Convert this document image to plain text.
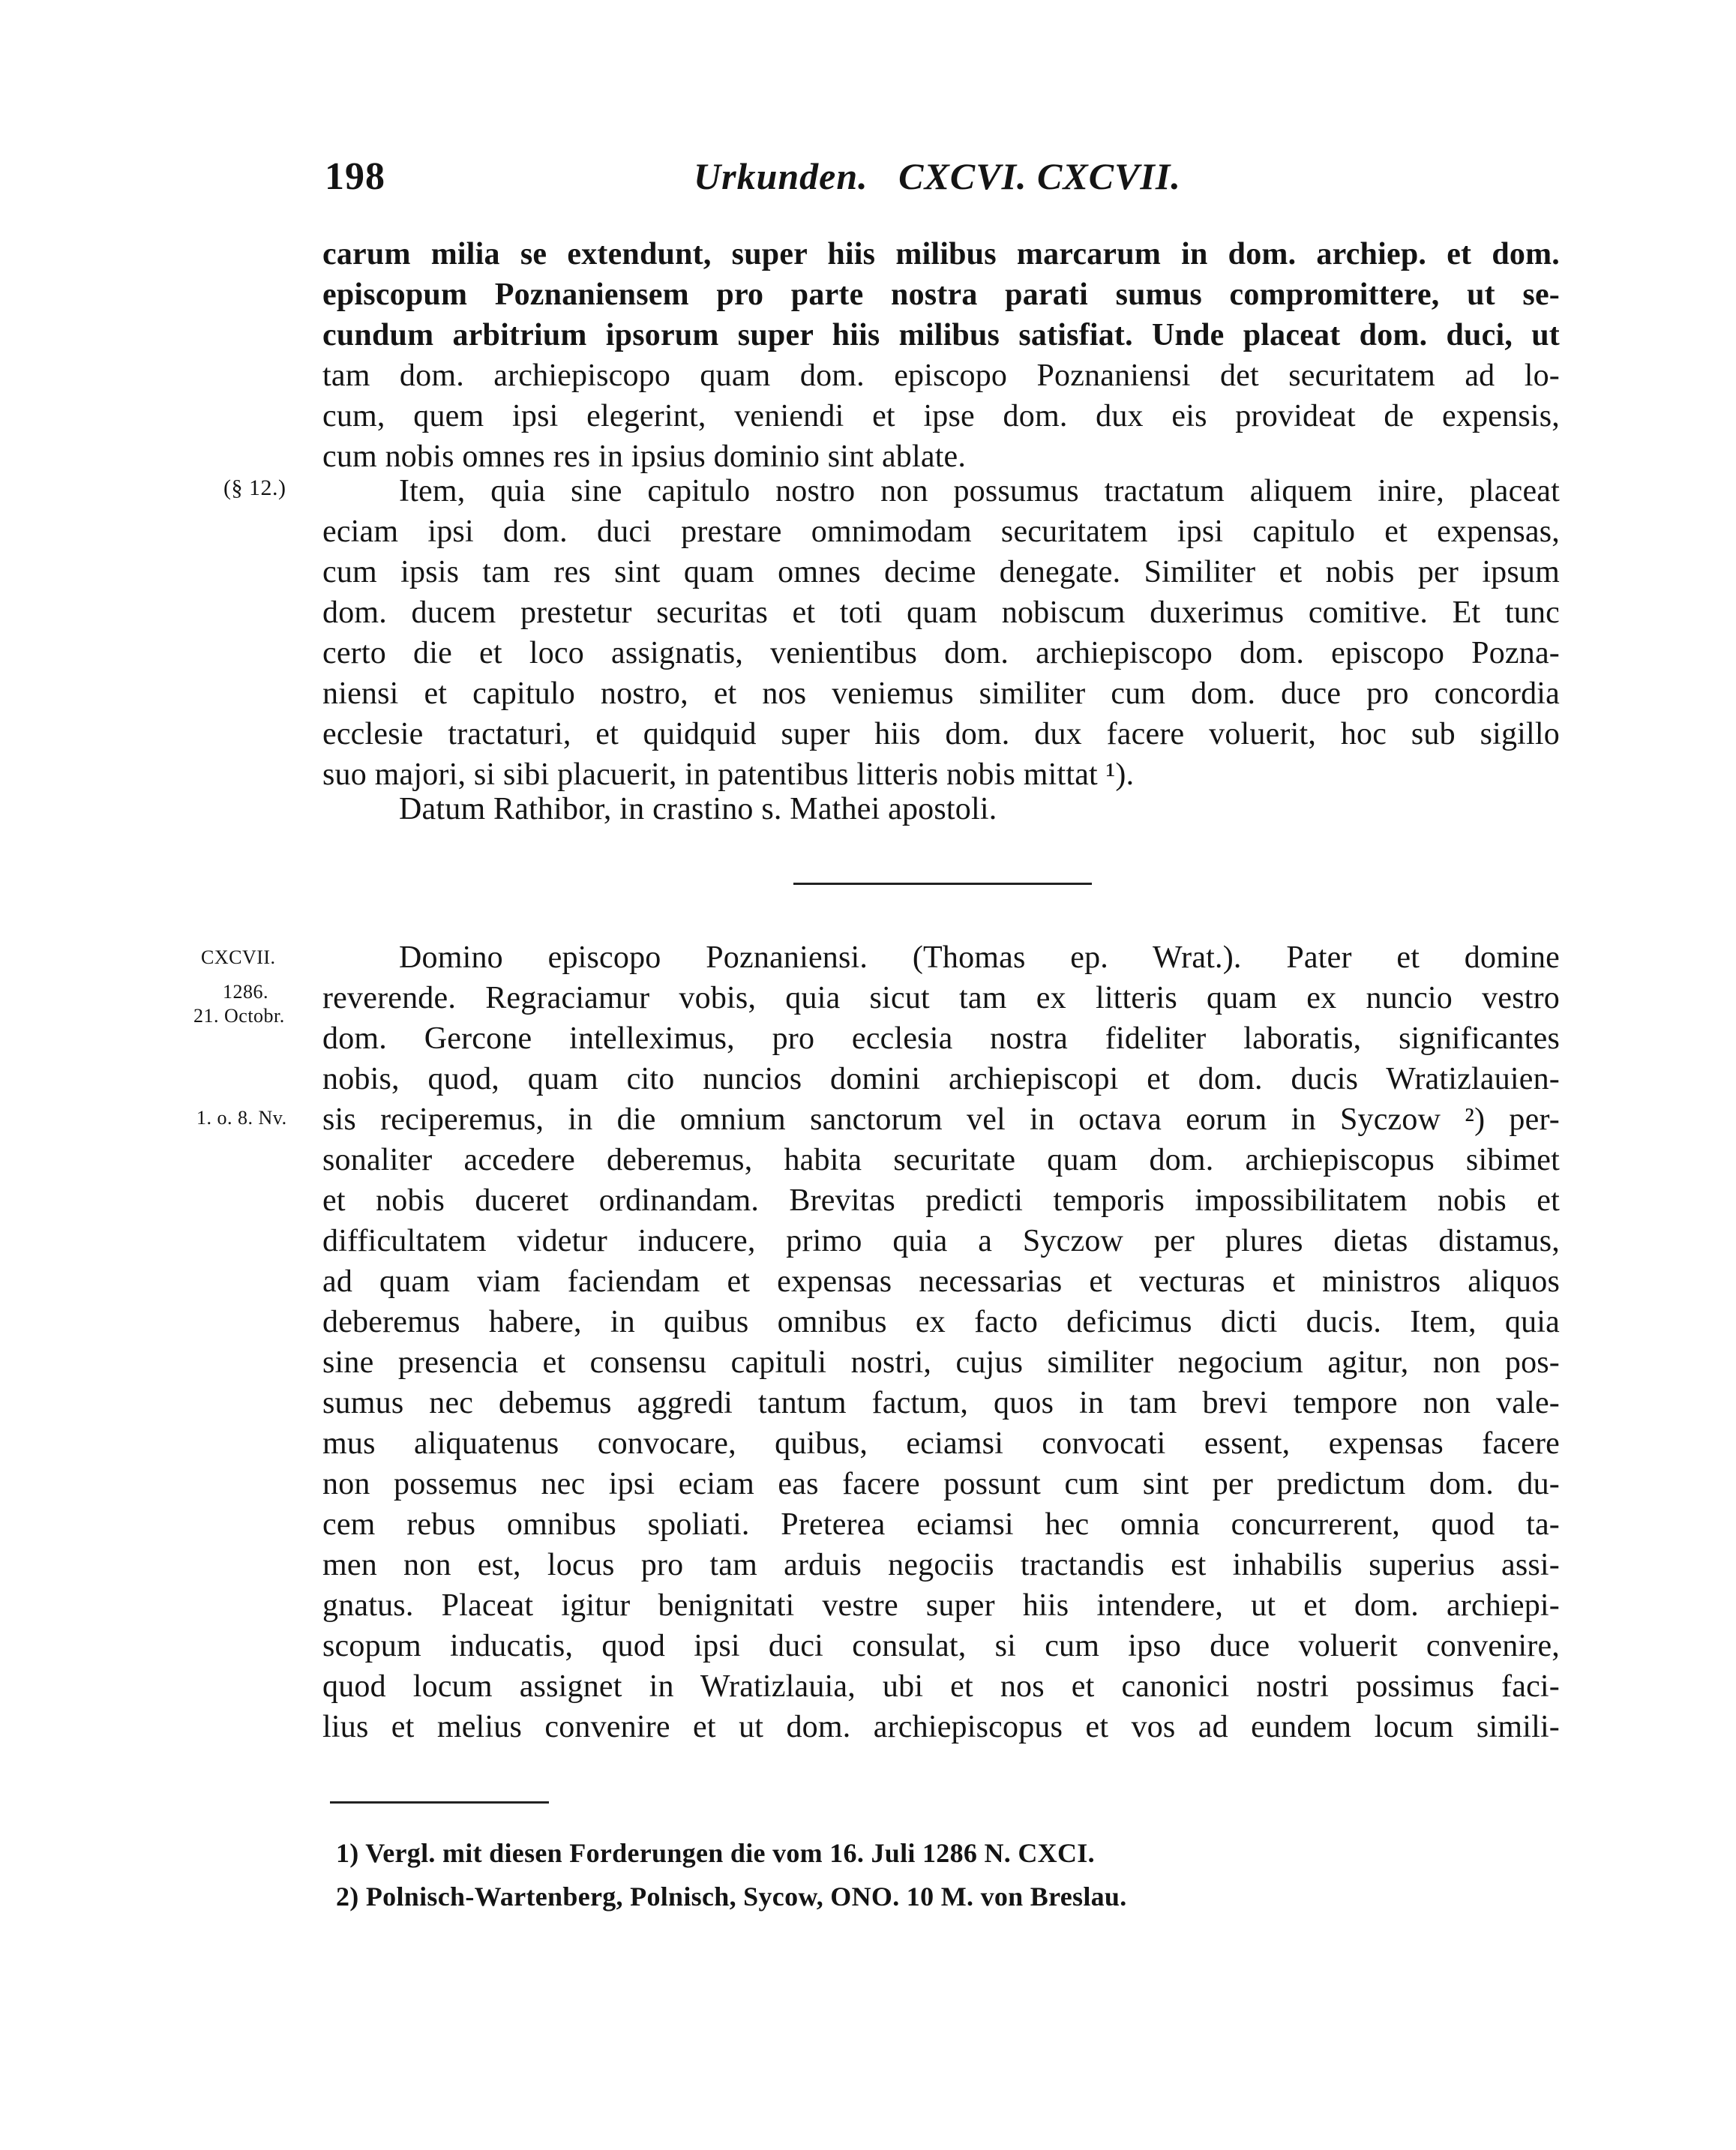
198	Urkunden.   CXCVI. CXCVII.
carum milia se extendunt, super hiis milibus marcarum in dom. archiep. et dom.
episcopum Poznaniensem pro parte nostra parati sumus compromittere, ut se-
cundum arbitrium ipsorum super hiis milibus satisfiat. Unde placeat dom. duci, ut
tam dom. archiepiscopo quam dom. episcopo Poznaniensi det securitatem ad lo-
cum, quem ipsi elegerint, veniendi et ipse dom. dux eis provideat de expensis,
cum nobis omnes res in ipsius dominio sint ablate.
(§ 12.)	Item, quia sine capitulo nostro non possumus tractatum aliquem inire, placeat
eciam ipsi dom. duci prestare omnimodam securitatem ipsi capitulo et expensas,
cum ipsis tam res sint quam omnes decime denegate. Similiter et nobis per ipsum
dom. ducem prestetur securitas et toti quam nobiscum duxerimus comitive. Et tunc
certo die et loco assignatis, venientibus dom. archiepiscopo dom. episcopo Pozna-
niensi et capitulo nostro, et nos veniemus similiter cum dom. duce pro concordia
ecclesie tractaturi, et quidquid super hiis dom. dux facere voluerit, hoc sub sigillo
suo majori, si sibi placuerit, in patentibus litteris nobis mittat ¹).
Datum Rathibor, in crastino s. Mathei apostoli.
CXCVII.
1286.
21. Octobr.
1. o. 8. Nv.
Domino episcopo Poznaniensi. (Thomas ep. Wrat.). Pater et domine
reverende. Regraciamur vobis, quia sicut tam ex litteris quam ex nuncio vestro
dom. Gercone intelleximus, pro ecclesia nostra fideliter laboratis, significantes
nobis, quod, quam cito nuncios domini archiepiscopi et dom. ducis Wratizlauien-
sis reciperemus, in die omnium sanctorum vel in octava eorum in Syczow ²) per-
sonaliter accedere deberemus, habita securitate quam dom. archiepiscopus sibimet
et nobis duceret ordinandam. Brevitas predicti temporis impossibilitatem nobis et
difficultatem videtur inducere, primo quia a Syczow per plures dietas distamus,
ad quam viam faciendam et expensas necessarias et vecturas et ministros aliquos
deberemus habere, in quibus omnibus ex facto deficimus dicti ducis. Item, quia
sine presencia et consensu capituli nostri, cujus similiter negocium agitur, non pos-
sumus nec debemus aggredi tantum factum, quos in tam brevi tempore non vale-
mus aliquatenus convocare, quibus, eciamsi convocati essent, expensas facere
non possemus nec ipsi eciam eas facere possunt cum sint per predictum dom. du-
cem rebus omnibus spoliati. Preterea eciamsi hec omnia concurrerent, quod ta-
men non est, locus pro tam arduis negociis tractandis est inhabilis superius assi-
gnatus. Placeat igitur benignitati vestre super hiis intendere, ut et dom. archiepi-
scopum inducatis, quod ipsi duci consulat, si cum ipso duce voluerit convenire,
quod locum assignet in Wratizlauia, ubi et nos et canonici nostri possimus faci-
lius et melius convenire et ut dom. archiepiscopus et vos ad eundem locum simili-
1) Vergl. mit diesen Forderungen die vom 16. Juli 1286 N. CXCI.
2) Polnisch-Wartenberg, Polnisch, Sycow, ONO. 10 M. von Breslau.
